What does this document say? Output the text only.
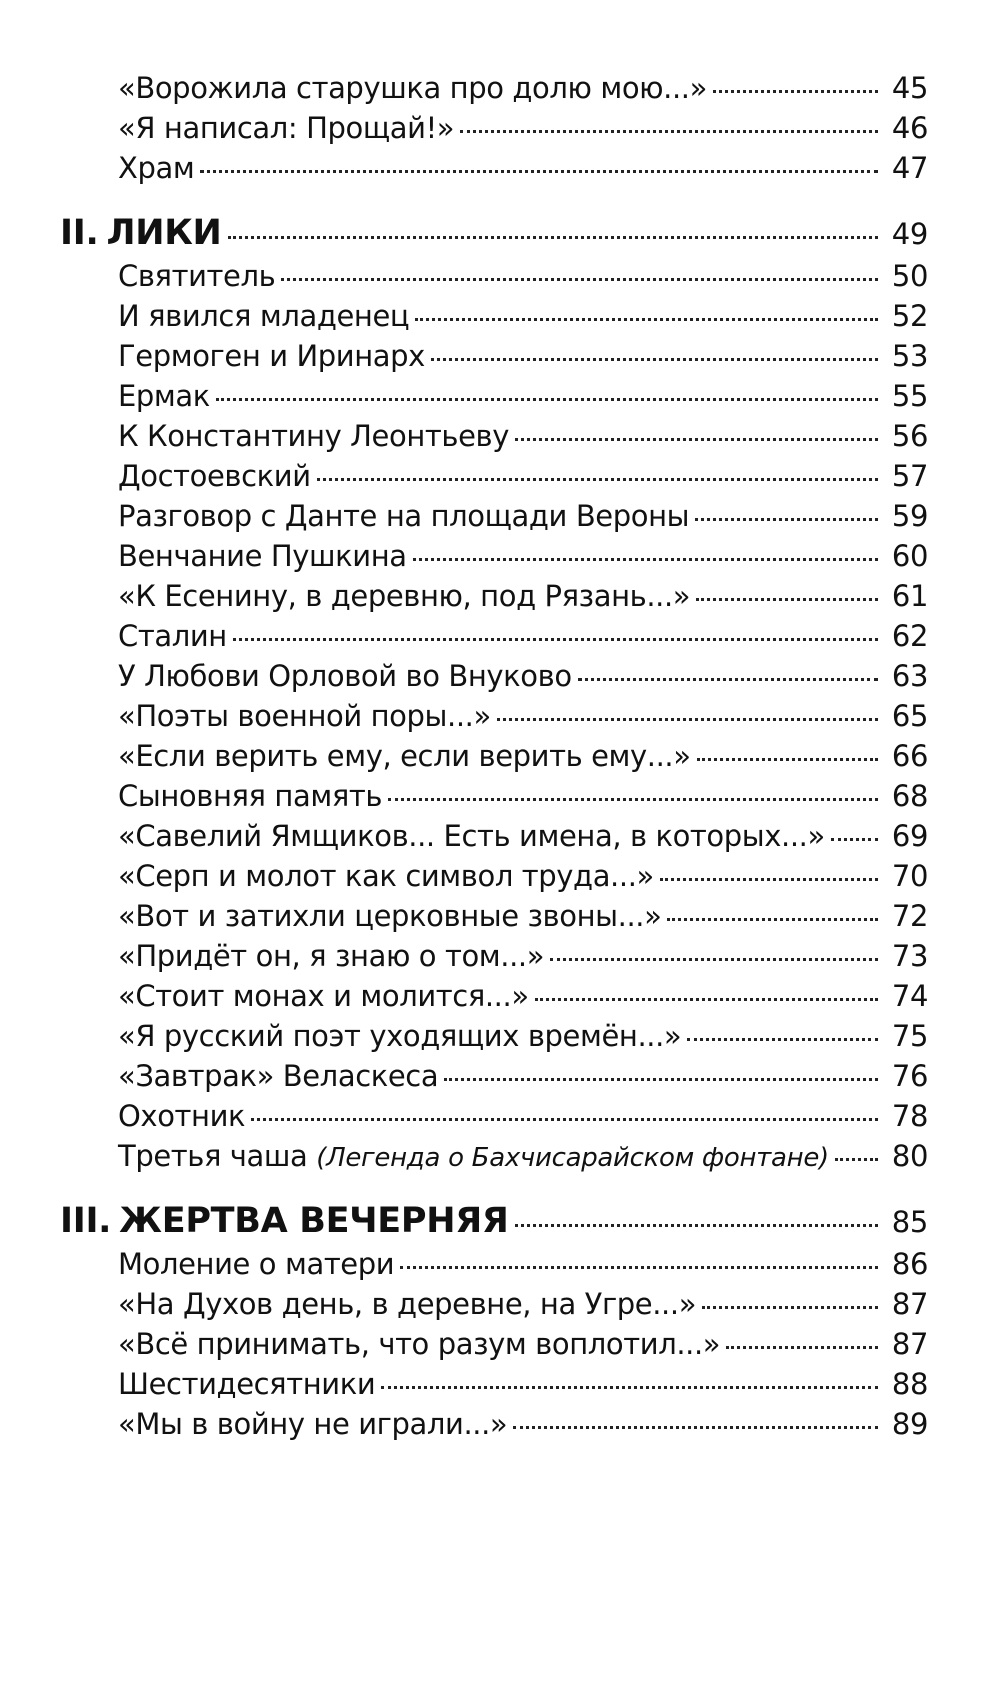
«Ворожила старушка про долю мою...»	45
«Я написал: Прощай!»	46
Храм	47
II. ЛИКИ	49
Святитель	50
И явился младенец	52
Гермоген и Иринарх	53
Ермак	55
К Константину Леонтьеву	56
Достоевский	57
Разговор с Данте на площади Вероны	59
Венчание Пушкина	60
«К Есенину, в деревню, под Рязань...»	61
Сталин	62
У Любови Орловой во Внуково	63
«Поэты военной поры...»	65
«Если верить ему, если верить ему...»	66
Сыновняя память	68
«Савелий Ямщиков... Есть имена, в которых...» 69
«Серп и молот как символ труда...»	70
«Вот и затихли церковные звоны...»	72
«Придёт он, я знаю о том...»	73
«Стоит монах и молится...»	74
«Я русский поэт уходящих времён...»	75
«Завтрак» Веласкеса	76
Охотник	78
Третья чаша (Легенда о Бахчисарайском фонтане) 80
III. ЖЕРТВА ВЕЧЕРНЯЯ	85
Моление о матери	86
«На Духов день, в деревне, на Угре...»	87
«Всё принимать, что разум воплотил...»	87
Шестидесятники	88
«Мы в войну не играли...»	89
